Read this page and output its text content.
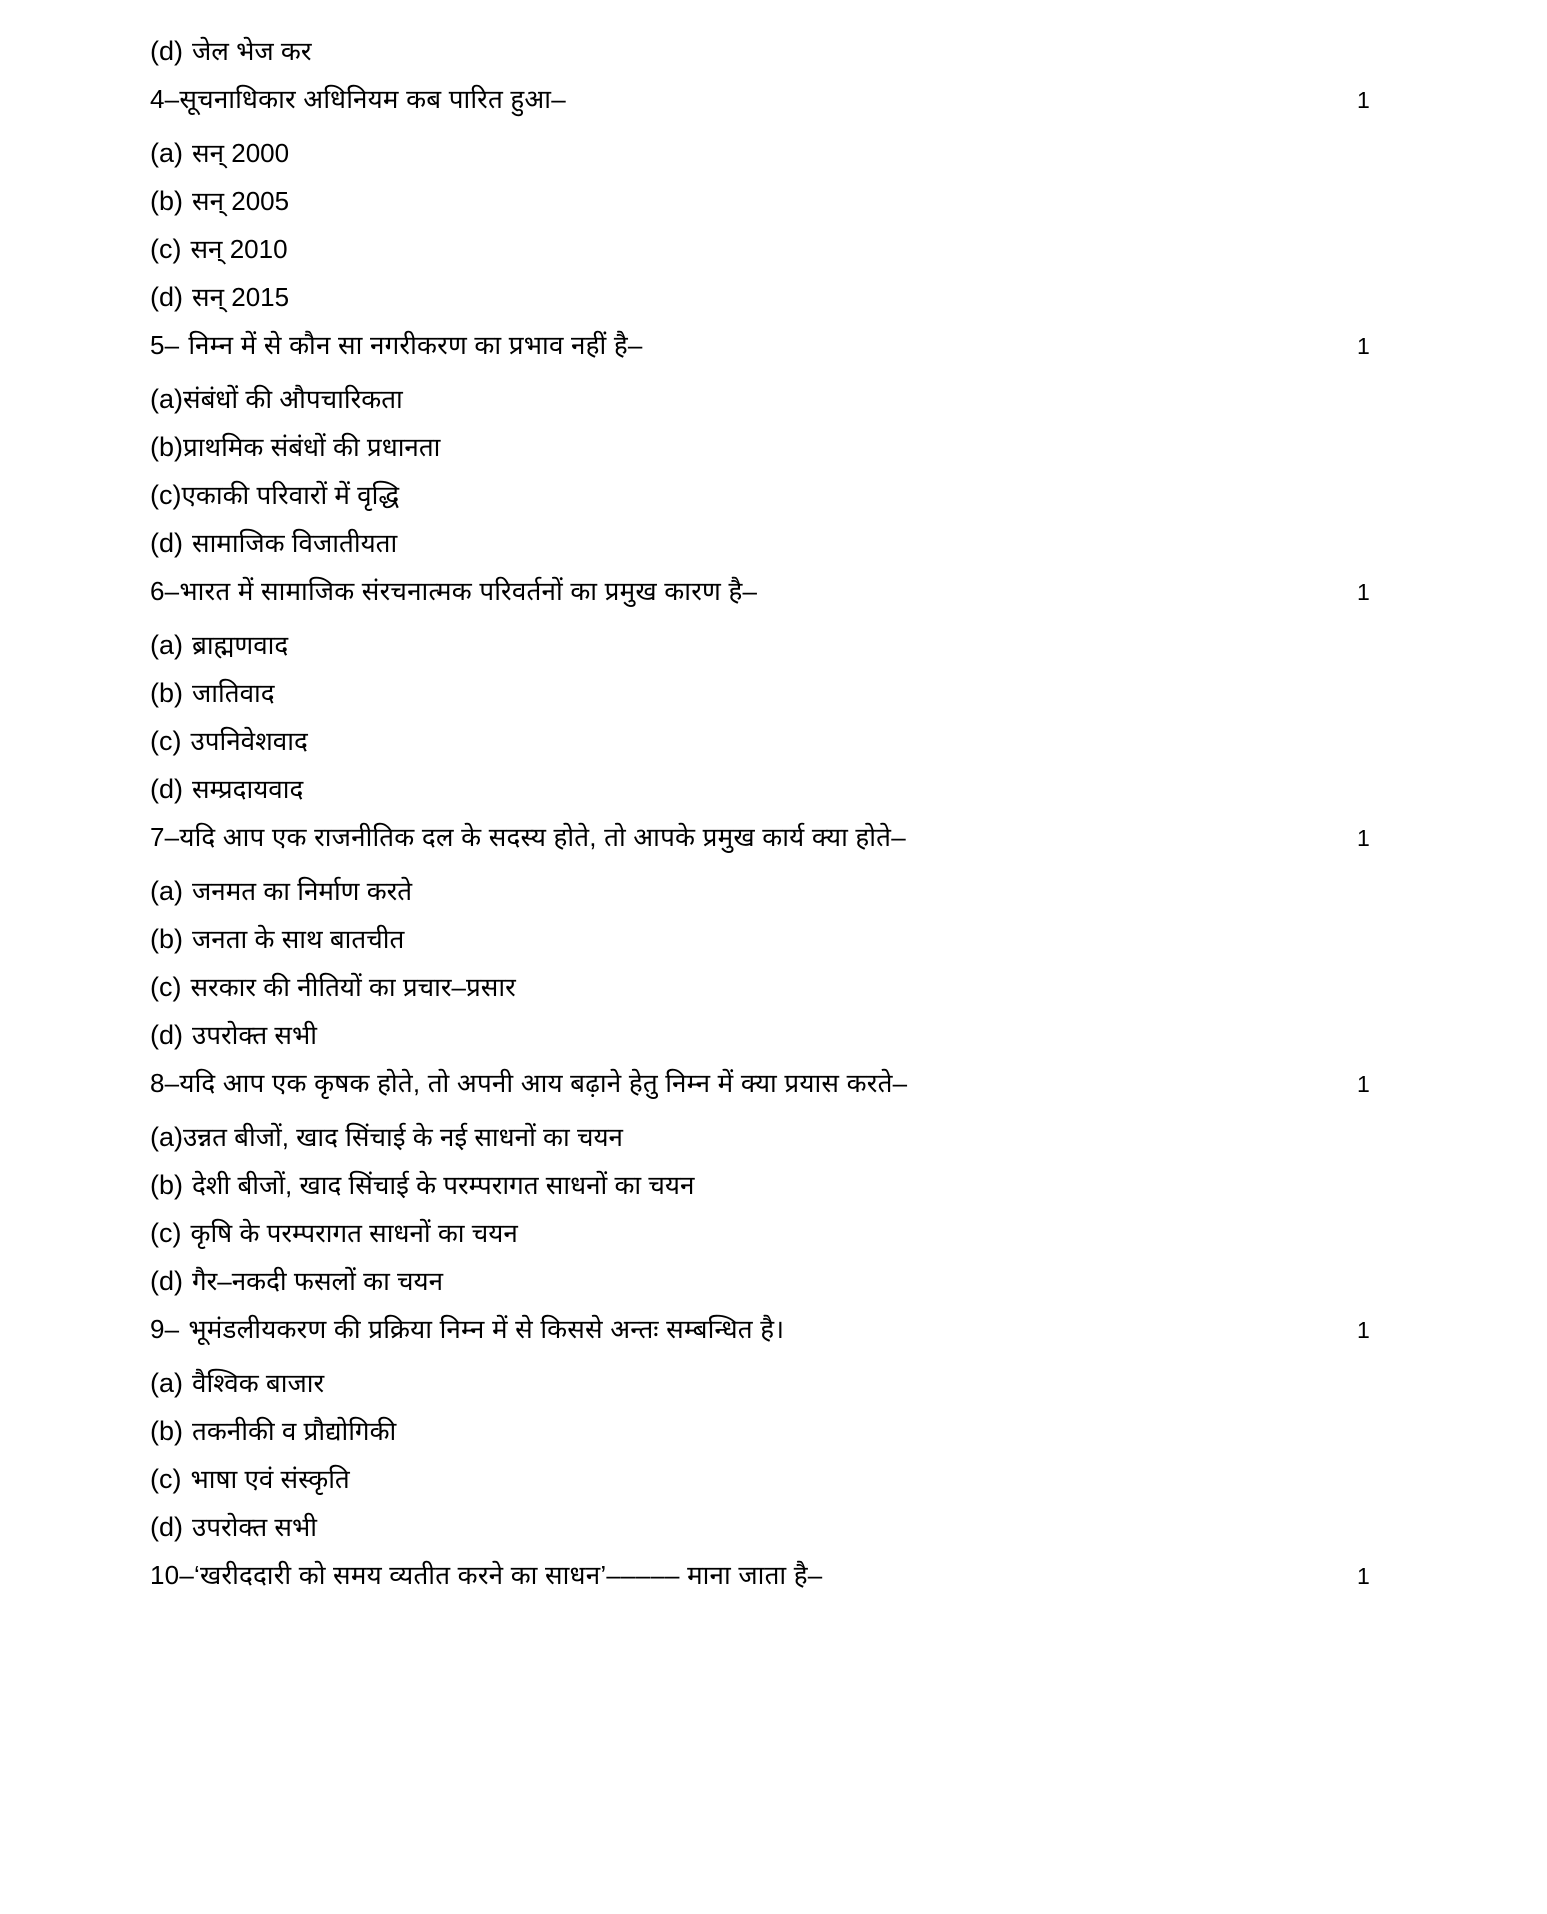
(d) जेल भेज कर
4–सूचनाधिकार अधिनियम कब पारित हुआ–	1
(a) सन् 2000
(b) सन् 2005
(c) सन् 2010
(d) सन् 2015
5– निम्न में से कौन सा नगरीकरण का प्रभाव नहीं है–	1
(a)संबंधों की औपचारिकता
(b)प्राथमिक संबंधों की प्रधानता
(c)एकाकी परिवारों में वृद्धि
(d) सामाजिक विजातीयता
6–भारत में सामाजिक संरचनात्मक परिवर्तनों का प्रमुख कारण है–	1
(a) ब्राह्मणवाद
(b) जातिवाद
(c) उपनिवेशवाद
(d) सम्प्रदायवाद
7–यदि आप एक राजनीतिक दल के सदस्य होते, तो आपके प्रमुख कार्य क्या होते–	1
(a) जनमत का निर्माण करते
(b) जनता के साथ बातचीत
(c) सरकार की नीतियों का प्रचार–प्रसार
(d) उपरोक्त सभी
8–यदि आप एक कृषक होते, तो अपनी आय बढ़ाने हेतु निम्न में क्या प्रयास करते–	1
(a)उन्नत बीजों, खाद सिंचाई के नई साधनों का चयन
(b) देशी बीजों, खाद सिंचाई के परम्परागत साधनों का चयन
(c) कृषि के परम्परागत साधनों का चयन
(d) गैर–नकदी फसलों का चयन
9– भूमंडलीयकरण की प्रक्रिया निम्न में से किससे अन्तः सम्बन्धित है।	1
(a) वैश्विक बाजार
(b) तकनीकी व प्रौद्योगिकी
(c) भाषा एवं संस्कृति
(d) उपरोक्त सभी
10–‘खरीददारी को समय व्यतीत करने का साधन’––––– माना जाता है–	1
